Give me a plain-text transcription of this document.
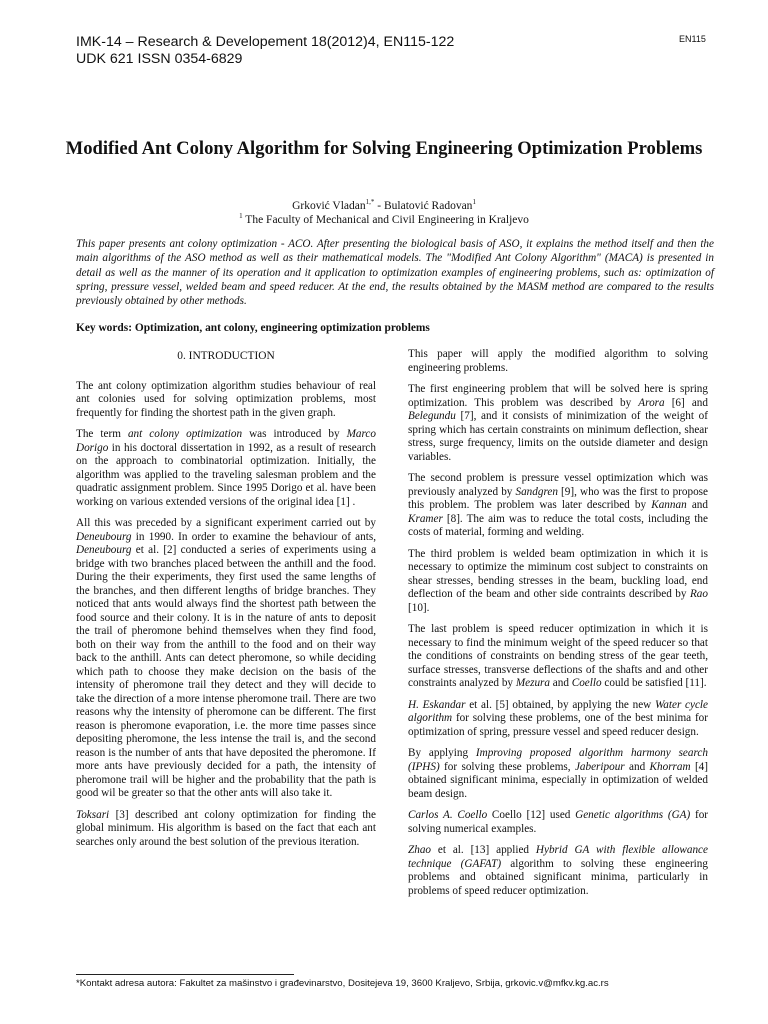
IMK-14 – Research & Developement 18(2012)4, EN115-122
UDK 621 ISSN 0354-6829
EN115
Modified Ant Colony Algorithm for Solving Engineering Optimization Problems
Grković Vladan$^{1,*}$ - Bulatović Radovan$^1$
$^1$ The Faculty of Mechanical and Civil Engineering in Kraljevo

This paper presents ant colony optimization - ACO. After presenting the biological basis of ASO, it explains the method itself and then the main algorithms of the ASO method as well as their mathematical models. The "Modified Ant Colony Algorithm" (MACA) is presented in detail as well as the manner of its operation and it application to optimization examples of engineering problems, such as: optimization of spring, pressure vessel, welded beam and speed reducer. At the end, the results obtained by the MASM method are compared to the results previously obtained by other methods.

Key words: Optimization, ant colony, engineering optimization problems
0. INTRODUCTION

The ant colony optimization algorithm studies behaviour of real ant colonies used for solving optimization problems, most frequently for finding the shortest path in the given graph.

The term ant colony optimization was introduced by Marco Dorigo in his doctoral dissertation in 1992, as a result of research on the approach to combinatorial optimization. Initially, the algorithm was applied to the traveling salesman problem and the quadratic assignment problem. Since 1995 Dorigo et al. have been working on various extended versions of the original idea [1] .

All this was preceded by a significant experiment carried out by Deneubourg in 1990. In order to examine the behaviour of ants, Deneubourg et al. [2] conducted a series of experiments using a bridge with two branches placed between the anthill and the food. During the their experiments, they first used the same lengths of the branches, and then different lengths of bridge branches. They noticed that ants would always find the shortest path between the food source and their colony. It is in the nature of ants to deposit the trail of pheromone behind themselves when they find food, both on their way from the anthill to the food and on their way back to the anthill. Ants can detect pheromone, so while deciding which path to choose they make decision on the basis of the intensity of pheromone trail they detect and they will decide to take the direction of a more intense pheromone trail. There are two reasons why the intensity of pheromone can be different. The first reason is pheromone evaporation, i.e. the more time passes since depositing pheromone, the less intense the trail is, and the second reason is the number of ants that have deposited the pheromone. If more ants have previously decided for a path, the intensity of pheromone trail will be higher and the probability that the path is good wil be greater so that the other ants will also take it.

Toksari [3] described ant colony optimization for finding the global minimum. His algorithm is based on the fact that each ant searches only around the best solution of the previous iteration.

This paper will apply the modified algorithm to solving engineering problems.

The first engineering problem that will be solved here is spring optimization. This problem was described by Arora [6] and Belegundu [7], and it consists of minimization of the weight of spring which has certain constraints on minimum deflection, shear stress, surge frequency, limits on the outside diameter and design variables.

The second problem is pressure vessel optimization which was previously analyzed by Sandgren [9], who was the first to propose this problem. The problem was later described by Kannan and Kramer [8]. The aim was to reduce the total costs, including the costs of material, forming and welding.

The third problem is welded beam optimization in which it is necessary to optimize the miminum cost subject to constraints on shear stresses, bending stresses in the beam, buckling load, end deflection of the beam and other side contraints described by Rao [10].

The last problem is speed reducer optimization in which it is necessary to find the minimum weight of the speed reducer so that the conditions of constraints on bending stress of the gear teeth, surface stresses, transverse deflections of the shafts and and other constraints analyzed by Mezura and Coello could be satisfied [11].

H. Eskandar et al. [5] obtained, by applying the new Water cycle algorithm for solving these problems, one of the best minima for optimization of spring, pressure vessel and speed reducer design.

By applying Improving proposed algorithm harmony search (IPHS) for solving these problems, Jaberipour and Khorram [4] obtained significant minima, especially in optimization of welded beam design.

Carlos A. Coello Coello [12] used Genetic algorithms (GA) for solving numerical examples.

Zhao et al. [13] applied Hybrid GA with flexible allowance technique (GAFAT) algorithm to solving these engineering problems and obtained significant minima, particularly in problems of speed reducer optimization.

*Kontakt adresa autora: Fakultet za mašinstvo i građevinarstvo, Dositejeva 19, 3600 Kraljevo, Srbija, grkovic.v@mfkv.kg.ac.rs
